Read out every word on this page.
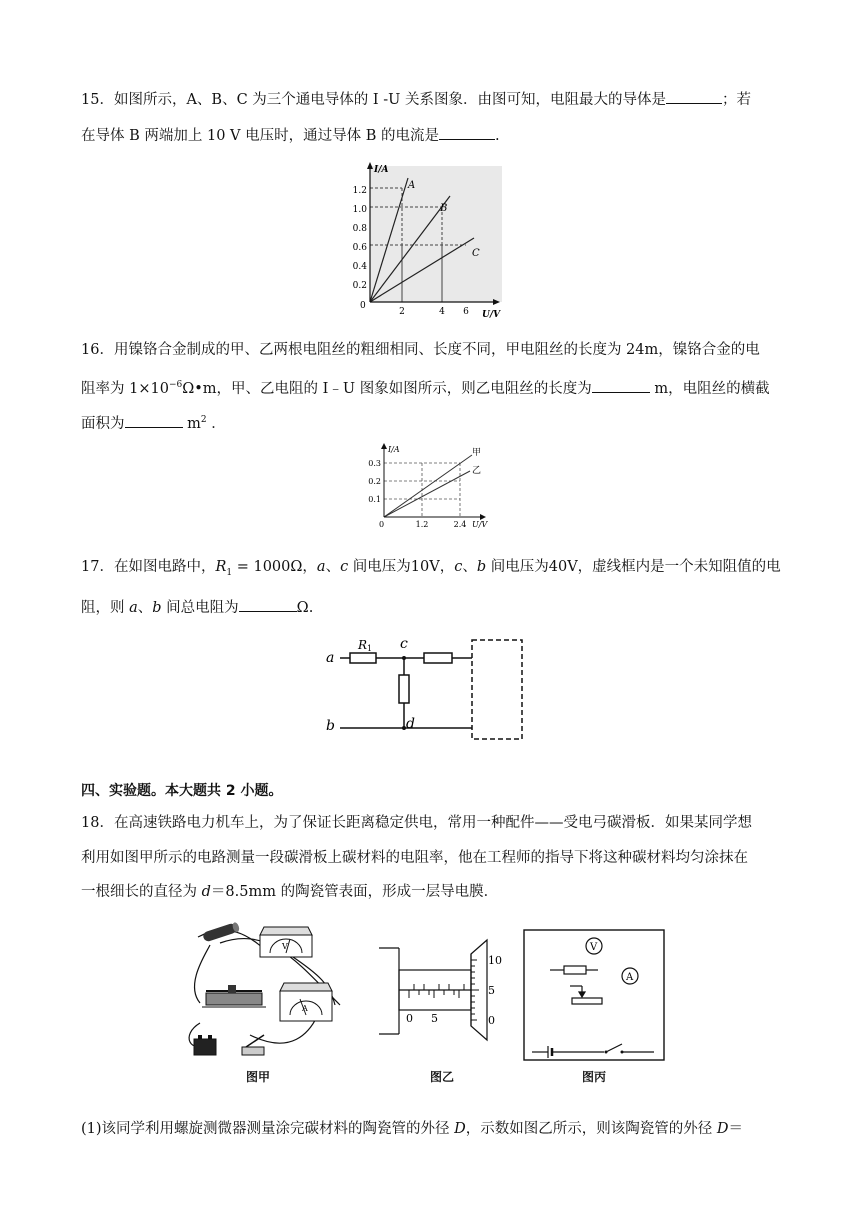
15．如图所示，A、B、C 为三个通电导体的 I -U 关系图象．由图可知，电阻最大的导体是	；若
在导体 B 两端加上 10 V 电压时，通过导体 B 的电流是	.
I/A
U/V
0
0.2
0.4
0.6
0.8
1.0
1.2
2	4 6
A
B
C
16．用镍铬合金制成的甲、乙两根电阻丝的粗细相同、长度不同，甲电阻丝的长度为 24m，镍铬合金的电
阻率为 $1\times 10^{-6}\Omega•m$，甲、乙电阻的 I﹣U 图象如图所示，则乙电阻丝的长度为	m，电阻丝的横截
面积为	$m^2$ ．
I/A
U/V
0
0.1
0.2
0.3
1.2	2.4
甲
乙
17．在如图电路中，$R_1 = 1000\Omega$，a、c 间电压为10V，c、b 间电压为40V，虚线框内是一个未知阻值的电
阻，则 a、b 间总电阻为	Ω.
a
b
c
d
R1
四、实验题。本大题共 2 小题。
18．在高速铁路电力机车上，为了保证长距离稳定供电，常用一种配件——受电弓碳滑板．如果某同学想
利用如图甲所示的电路测量一段碳滑板上碳材料的电阻率，他在工程师的指导下将这种碳材料均匀涂抹在
一根细长的直径为 d＝8.5mm 的陶瓷管表面，形成一层导电膜．
V
A
图甲
0 5
10
5
0
图乙
V
A
图丙
(1)该同学利用螺旋测微器测量涂完碳材料的陶瓷管的外径 D，示数如图乙所示，则该陶瓷管的外径 D＝
